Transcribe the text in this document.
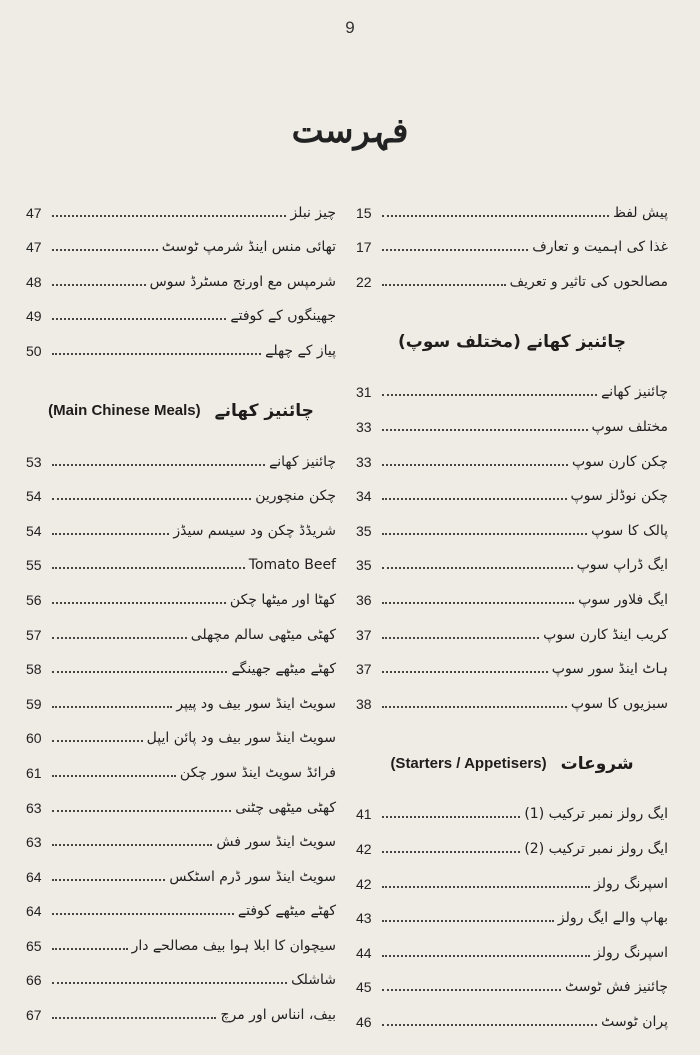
9
فہرست
15	پیش لفظ
17	غذا کی اہمیت و تعارف
22	مصالحوں کی تاثیر و تعریف
چائنیز کھانے (مختلف سوپ)
31	چائنیز کھانے
33	مختلف سوپ
33	چکن کارن سوپ
34	چکن نوڈلز سوپ
35	پالک کا سوپ
35	ایگ ڈراپ سوپ
36	ایگ فلاور سوپ
37	کریب اینڈ کارن سوپ
37	ہاٹ اینڈ سور سوپ
38	سبزیوں کا سوپ
شروعات
(Starters / Appetisers)
41	ایگ رولز نمبر ترکیب (1)
42	ایگ رولز نمبر ترکیب (2)
42	اسپرنگ رولز
43	بھاپ والے ایگ رولز
44	اسپرنگ رولز
45	چائنیز فش ٹوسٹ
46	پران ٹوسٹ
47	چیز نبلز
47	تھائی منس اینڈ شرمپ ٹوسٹ
48	شرمپس مع اورنج مسٹرڈ سوس
49	جھینگوں کے کوفتے
50	پیاز کے چھلے
چائنیز کھانے
(Main Chinese Meals)
53	چائنیز کھانے
54	چکن منچورین
54	شریڈڈ چکن ود سیسم سیڈز
55	Tomato Beef
56	کھٹا اور میٹھا چکن
57	کھٹی میٹھی سالم مچھلی
58	کھٹے میٹھے جھینگے
59	سویٹ اینڈ سور بیف ود پیپر
60	سویٹ اینڈ سور بیف ود پائن ایپل
61	فرائڈ سویٹ اینڈ سور چکن
63	کھٹی میٹھی چٹنی
63	سویٹ اینڈ سور فش
64	سویٹ اینڈ سور ڈرم اسٹکس
64	کھٹے میٹھے کوفتے
65	سیچوان کا ابلا ہوا بیف مصالحے دار
66	شاشلک
67	بیف، انناس اور مرچ
